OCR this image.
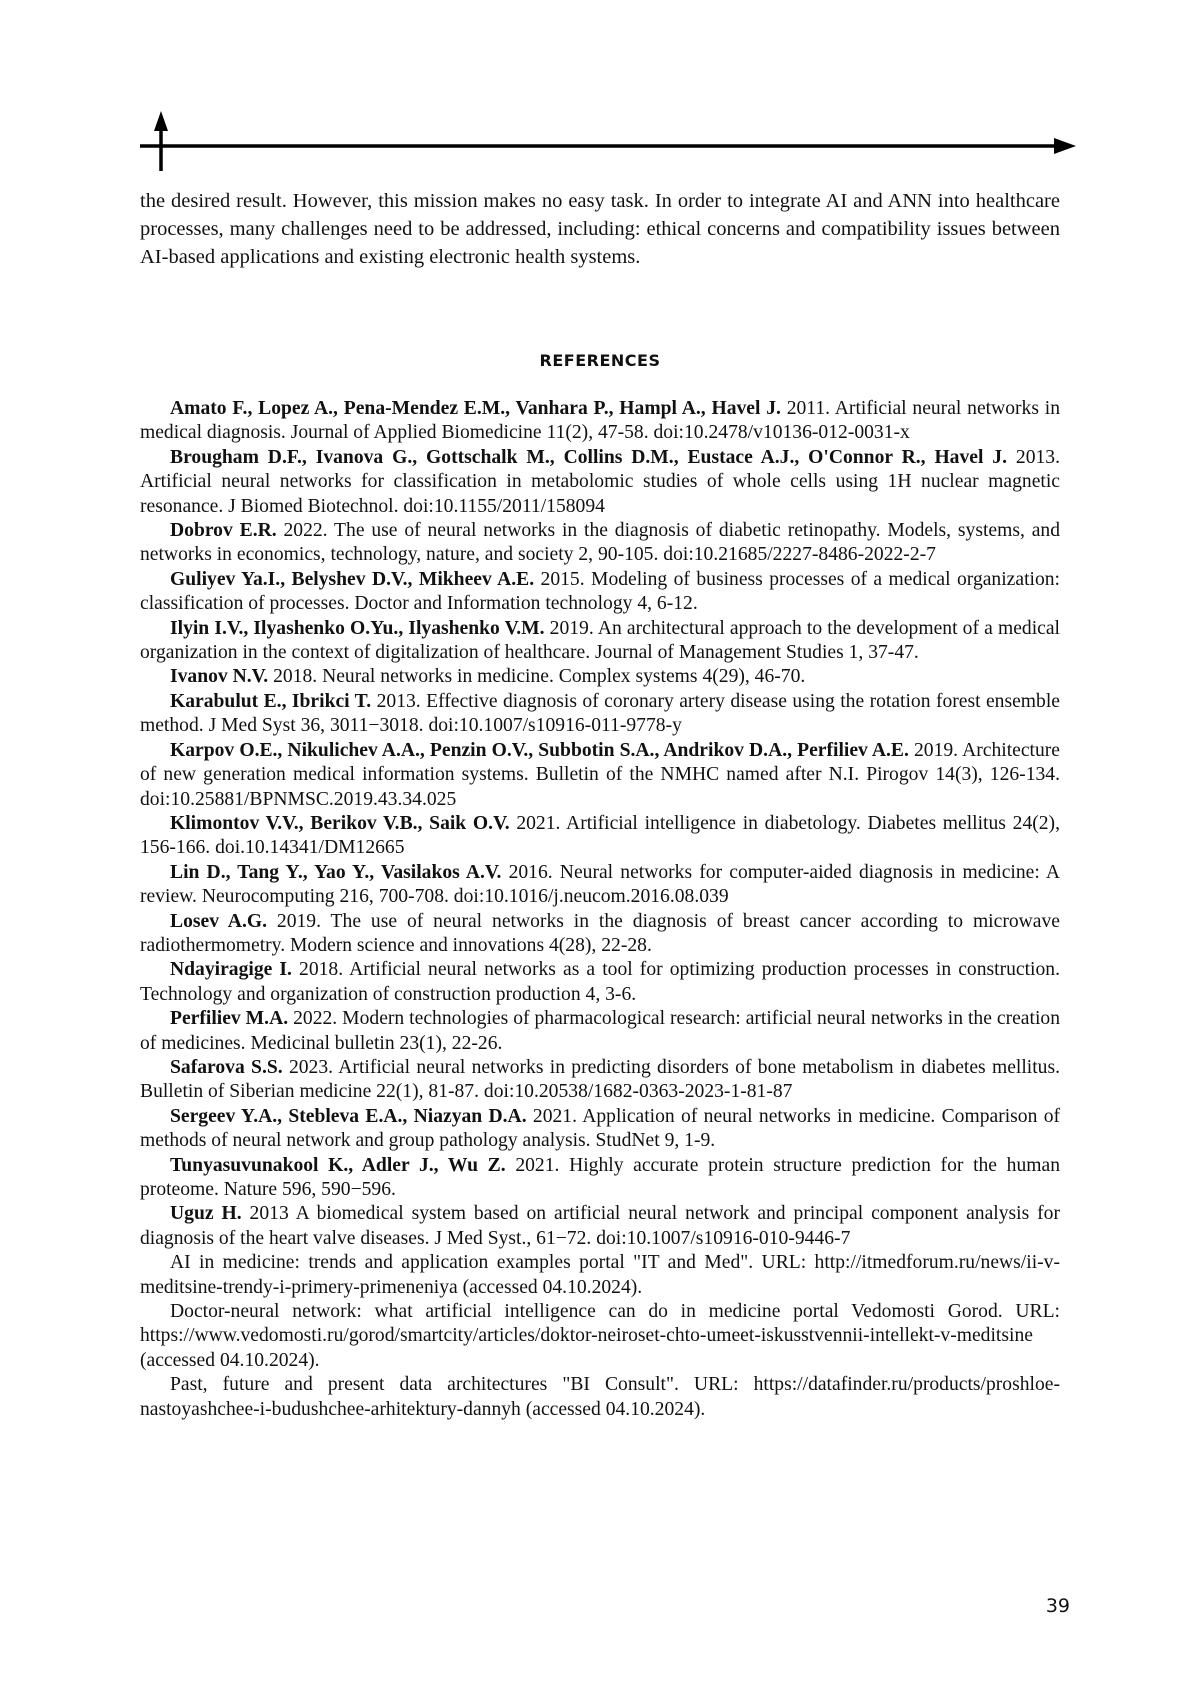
the desired result. However, this mission makes no easy task. In order to integrate AI and ANN into healthcare processes, many challenges need to be addressed, including: ethical concerns and compatibility issues between AI-based applications and existing electronic health systems.

REFERENCES

Amato F., Lopez A., Pena-Mendez E.M., Vanhara P., Hampl A., Havel J. 2011. Artificial neural networks in medical diagnosis. Journal of Applied Biomedicine 11(2), 47-58. doi:10.2478/v10136-012-0031-x

Brougham D.F., Ivanova G., Gottschalk M., Collins D.M., Eustace A.J., O'Connor R., Havel J. 2013. Artificial neural networks for classification in metabolomic studies of whole cells using 1H nuclear magnetic resonance. J Biomed Biotechnol. doi:10.1155/2011/158094

Dobrov E.R. 2022. The use of neural networks in the diagnosis of diabetic retinopathy. Models, systems, and networks in economics, technology, nature, and society 2, 90-105. doi:10.21685/2227-8486-2022-2-7

Guliyev Ya.I., Belyshev D.V., Mikheev A.E. 2015. Modeling of business processes of a medical organization: classification of processes. Doctor and Information technology 4, 6-12.

Ilyin I.V., Ilyashenko O.Yu., Ilyashenko V.M. 2019. An architectural approach to the development of a medical organization in the context of digitalization of healthcare. Journal of Management Studies 1, 37-47.

Ivanov N.V. 2018. Neural networks in medicine. Complex systems 4(29), 46-70.

Karabulut E., Ibrikci T. 2013. Effective diagnosis of coronary artery disease using the rotation forest ensemble method. J Med Syst 36, 3011−3018. doi:10.1007/s10916-011-9778-y

Karpov O.E., Nikulichev A.A., Penzin O.V., Subbotin S.A., Andrikov D.A., Perfiliev A.E. 2019. Architecture of new generation medical information systems. Bulletin of the NMHC named after N.I. Pirogov 14(3), 126-134. doi:10.25881/BPNMSC.2019.43.34.025

Klimontov V.V., Berikov V.B., Saik O.V. 2021. Artificial intelligence in diabetology. Diabetes mellitus 24(2), 156-166. doi.10.14341/DM12665

Lin D., Tang Y., Yao Y., Vasilakos A.V. 2016. Neural networks for computer-aided diagnosis in medicine: A review. Neurocomputing 216, 700-708. doi:10.1016/j.neucom.2016.08.039

Losev A.G. 2019. The use of neural networks in the diagnosis of breast cancer according to microwave radiothermometry. Modern science and innovations 4(28), 22-28.

Ndayiragige I. 2018. Artificial neural networks as a tool for optimizing production processes in construction. Technology and organization of construction production 4, 3-6.

Perfiliev M.A. 2022. Modern technologies of pharmacological research: artificial neural networks in the creation of medicines. Medicinal bulletin 23(1), 22-26.

Safarova S.S. 2023. Artificial neural networks in predicting disorders of bone metabolism in diabetes mellitus. Bulletin of Siberian medicine 22(1), 81-87. doi:10.20538/1682-0363-2023-1-81-87

Sergeev Y.A., Stebleva E.A., Niazyan D.A. 2021. Application of neural networks in medicine. Comparison of methods of neural network and group pathology analysis. StudNet 9, 1-9.

Tunyasuvunakool K., Adler J., Wu Z. 2021. Highly accurate protein structure prediction for the human proteome. Nature 596, 590−596.

Uguz H. 2013 A biomedical system based on artificial neural network and principal component analysis for diagnosis of the heart valve diseases. J Med Syst., 61−72. doi:10.1007/s10916-010-9446-7

AI in medicine: trends and application examples portal "IT and Med". URL: http://itmedforum.ru/news/ii-v-meditsine-trendy-i-primery-primeneniya (accessed 04.10.2024).

Doctor-neural network: what artificial intelligence can do in medicine portal Vedomosti Gorod. URL: https://www.vedomosti.ru/gorod/smartcity/articles/doktor-neiroset-chto-umeet-iskusstvennii-intellekt-v-meditsine (accessed 04.10.2024).

Past, future and present data architectures "BI Consult". URL: https://datafinder.ru/products/proshloe-nastoyashchee-i-budushchee-arhitektury-dannyh (accessed 04.10.2024).

39
